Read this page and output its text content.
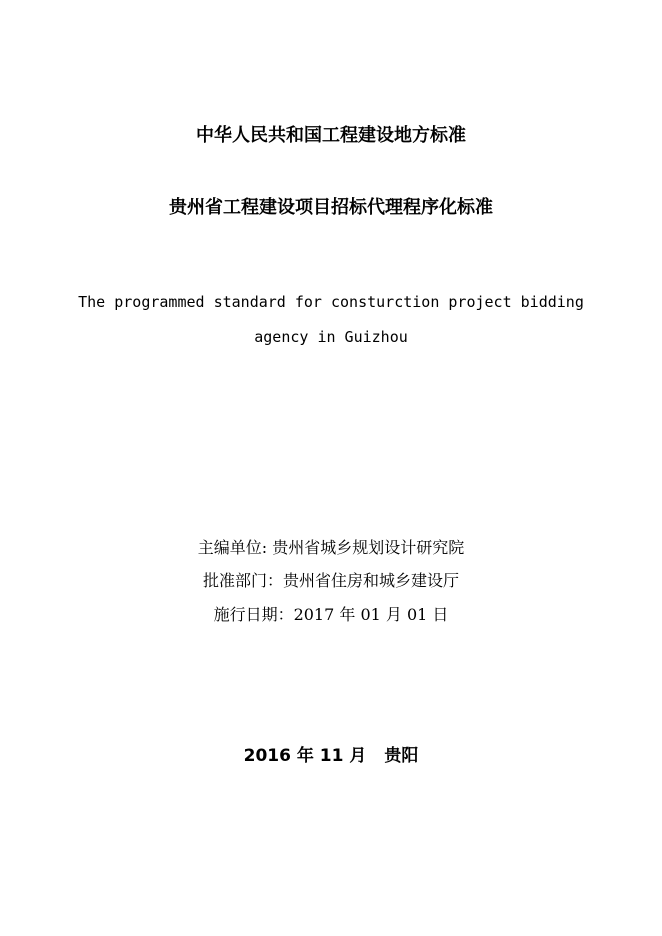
中华人民共和国工程建设地方标准
贵州省工程建设项目招标代理程序化标准
The programmed standard for consturction project bidding
agency in Guizhou
主编单位: 贵州省城乡规划设计研究院
批准部门：贵州省住房和城乡建设厅
施行日期：2017 年 01 月 01 日
2016 年 11 月 贵阳
